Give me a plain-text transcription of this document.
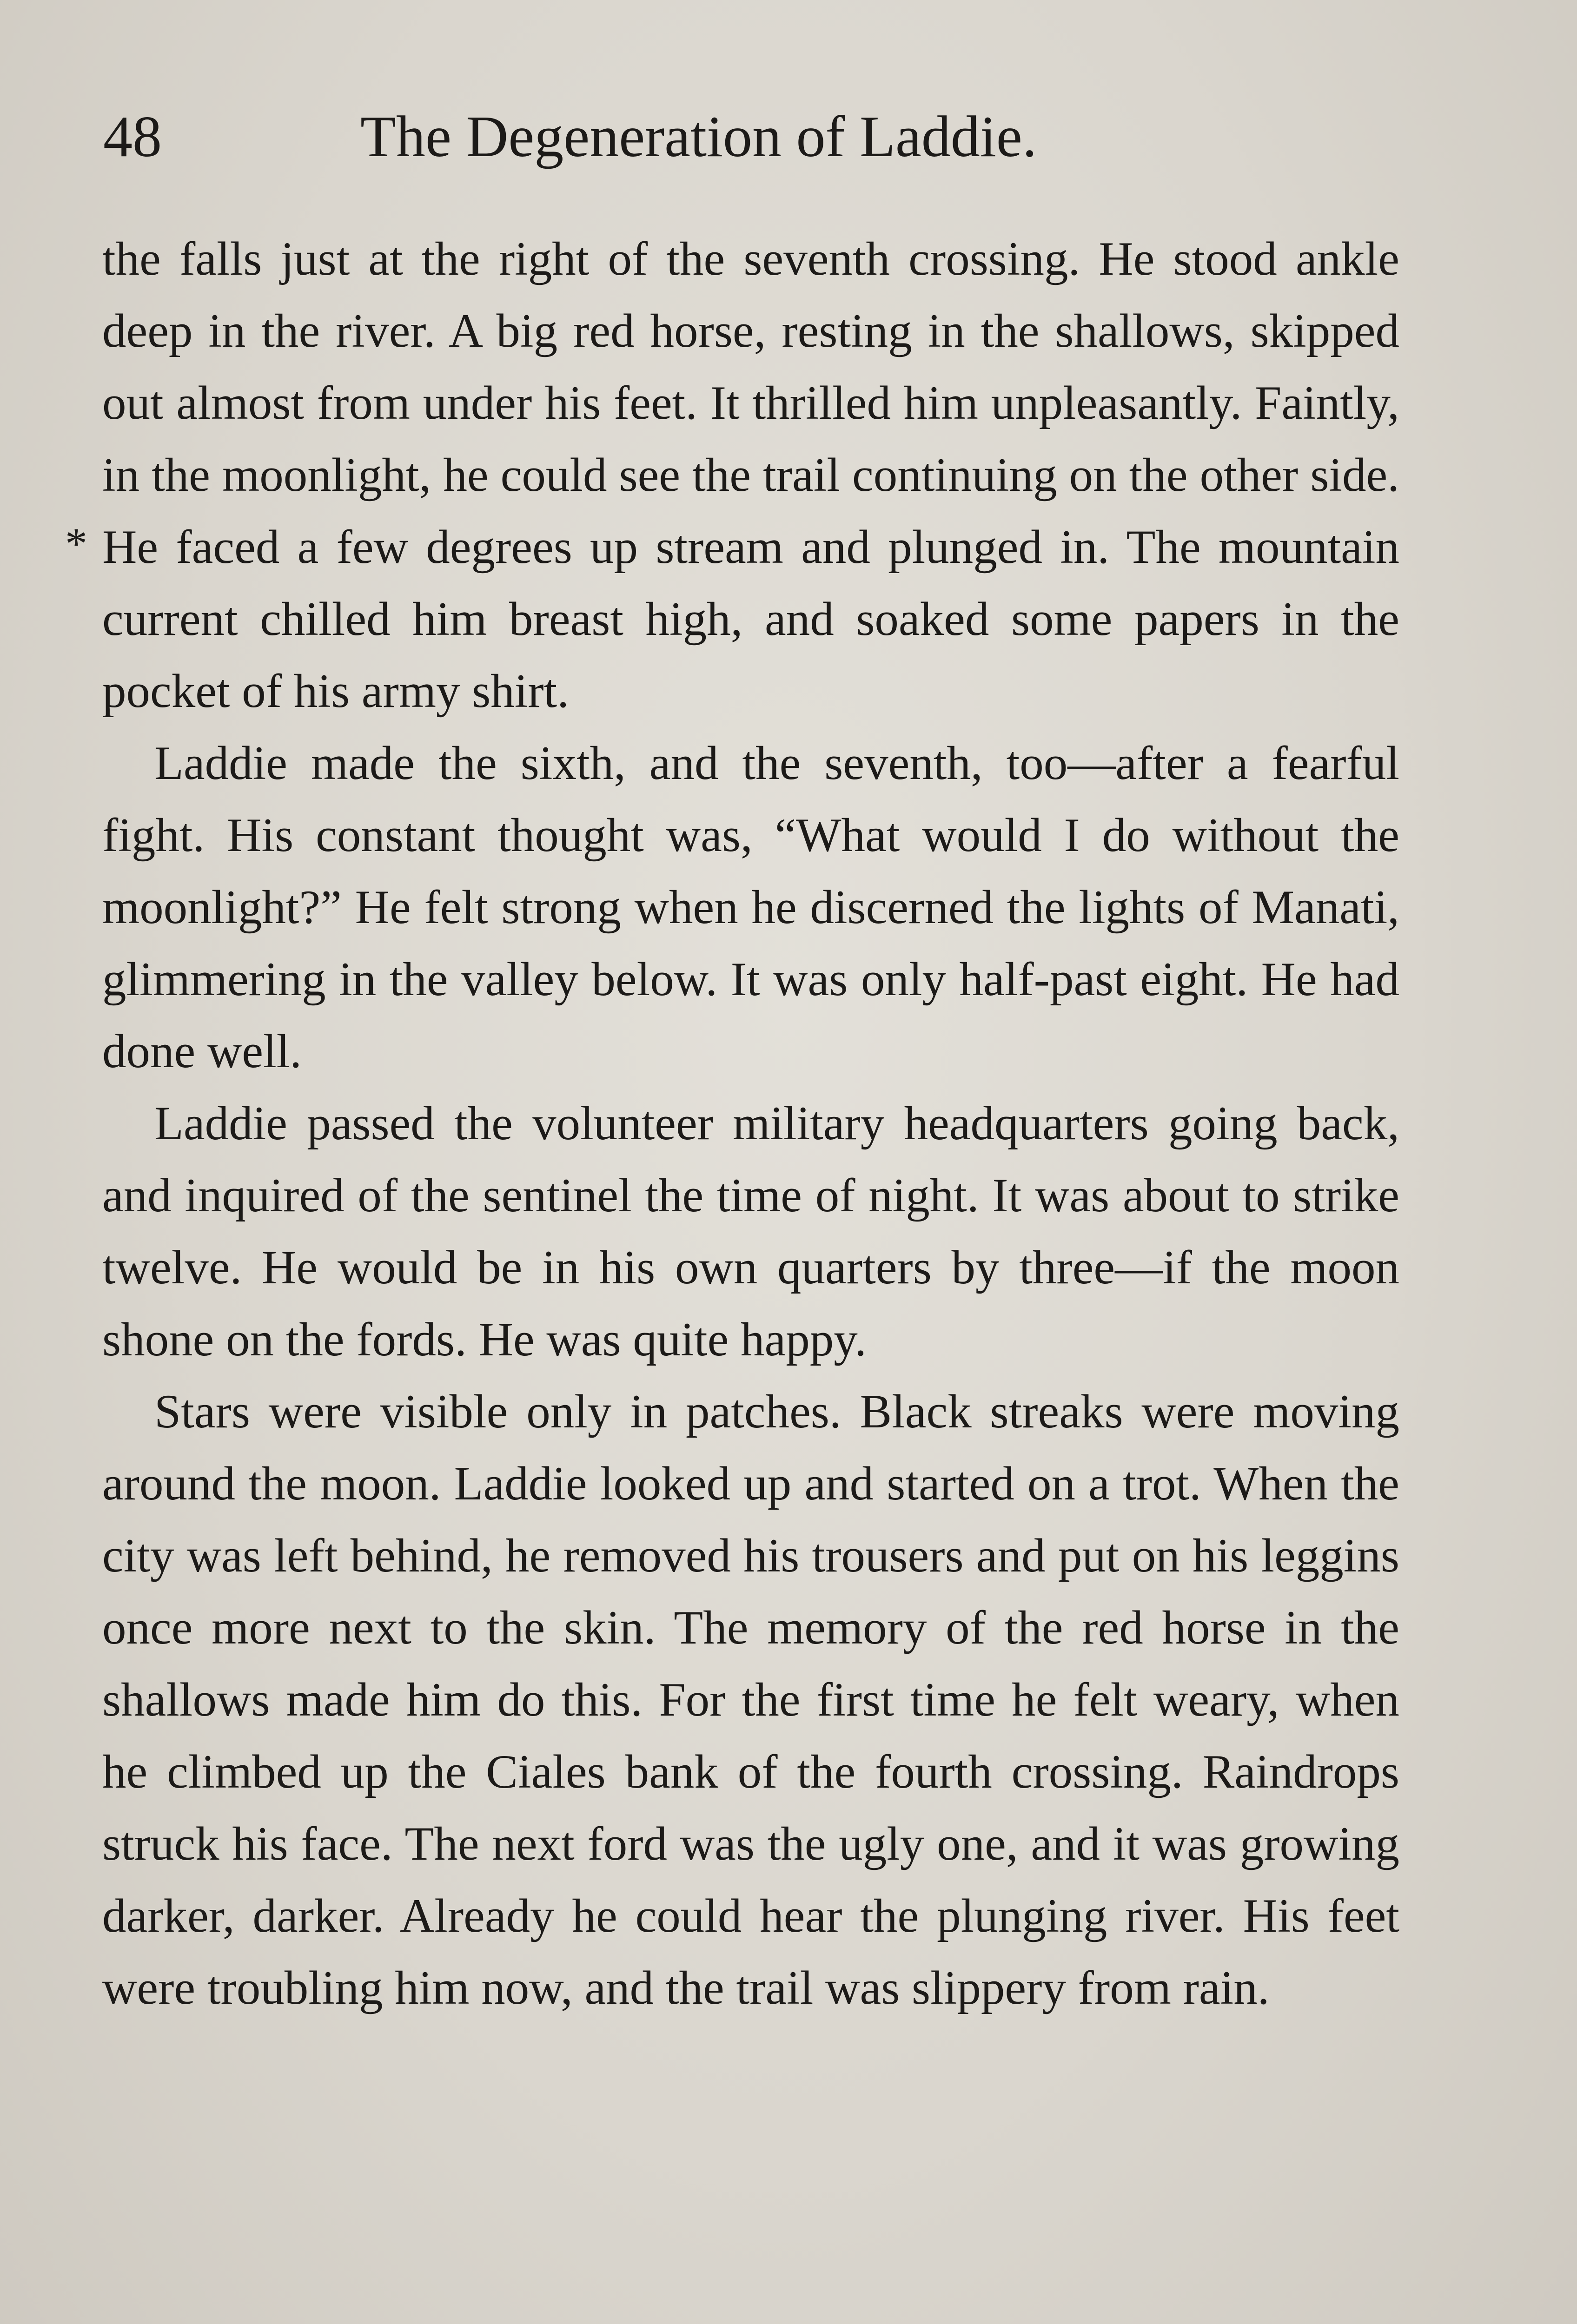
48	The Degeneration of Laddie.
*

the falls just at the right of the seventh crossing. He stood ankle deep in the river. A big red horse, resting in the shallows, skipped out almost from under his feet. It thrilled him unpleasantly. Faintly, in the moonlight, he could see the trail continuing on the other side. He faced a few degrees up stream and plunged in. The mountain current chilled him breast high, and soaked some papers in the pocket of his army shirt.

Laddie made the sixth, and the seventh, too—after a fearful fight. His constant thought was, “What would I do without the moonlight?” He felt strong when he discerned the lights of Manati, glimmering in the valley below. It was only half-past eight. He had done well.

Laddie passed the volunteer military headquarters going back, and inquired of the sentinel the time of night. It was about to strike twelve. He would be in his own quarters by three—if the moon shone on the fords. He was quite happy.

Stars were visible only in patches. Black streaks were moving around the moon. Laddie looked up and started on a trot. When the city was left behind, he removed his trousers and put on his leggins once more next to the skin. The memory of the red horse in the shallows made him do this. For the first time he felt weary, when he climbed up the Ciales bank of the fourth crossing. Raindrops struck his face. The next ford was the ugly one, and it was growing darker, darker. Already he could hear the plunging river. His feet were troubling him now, and the trail was slippery from rain.
